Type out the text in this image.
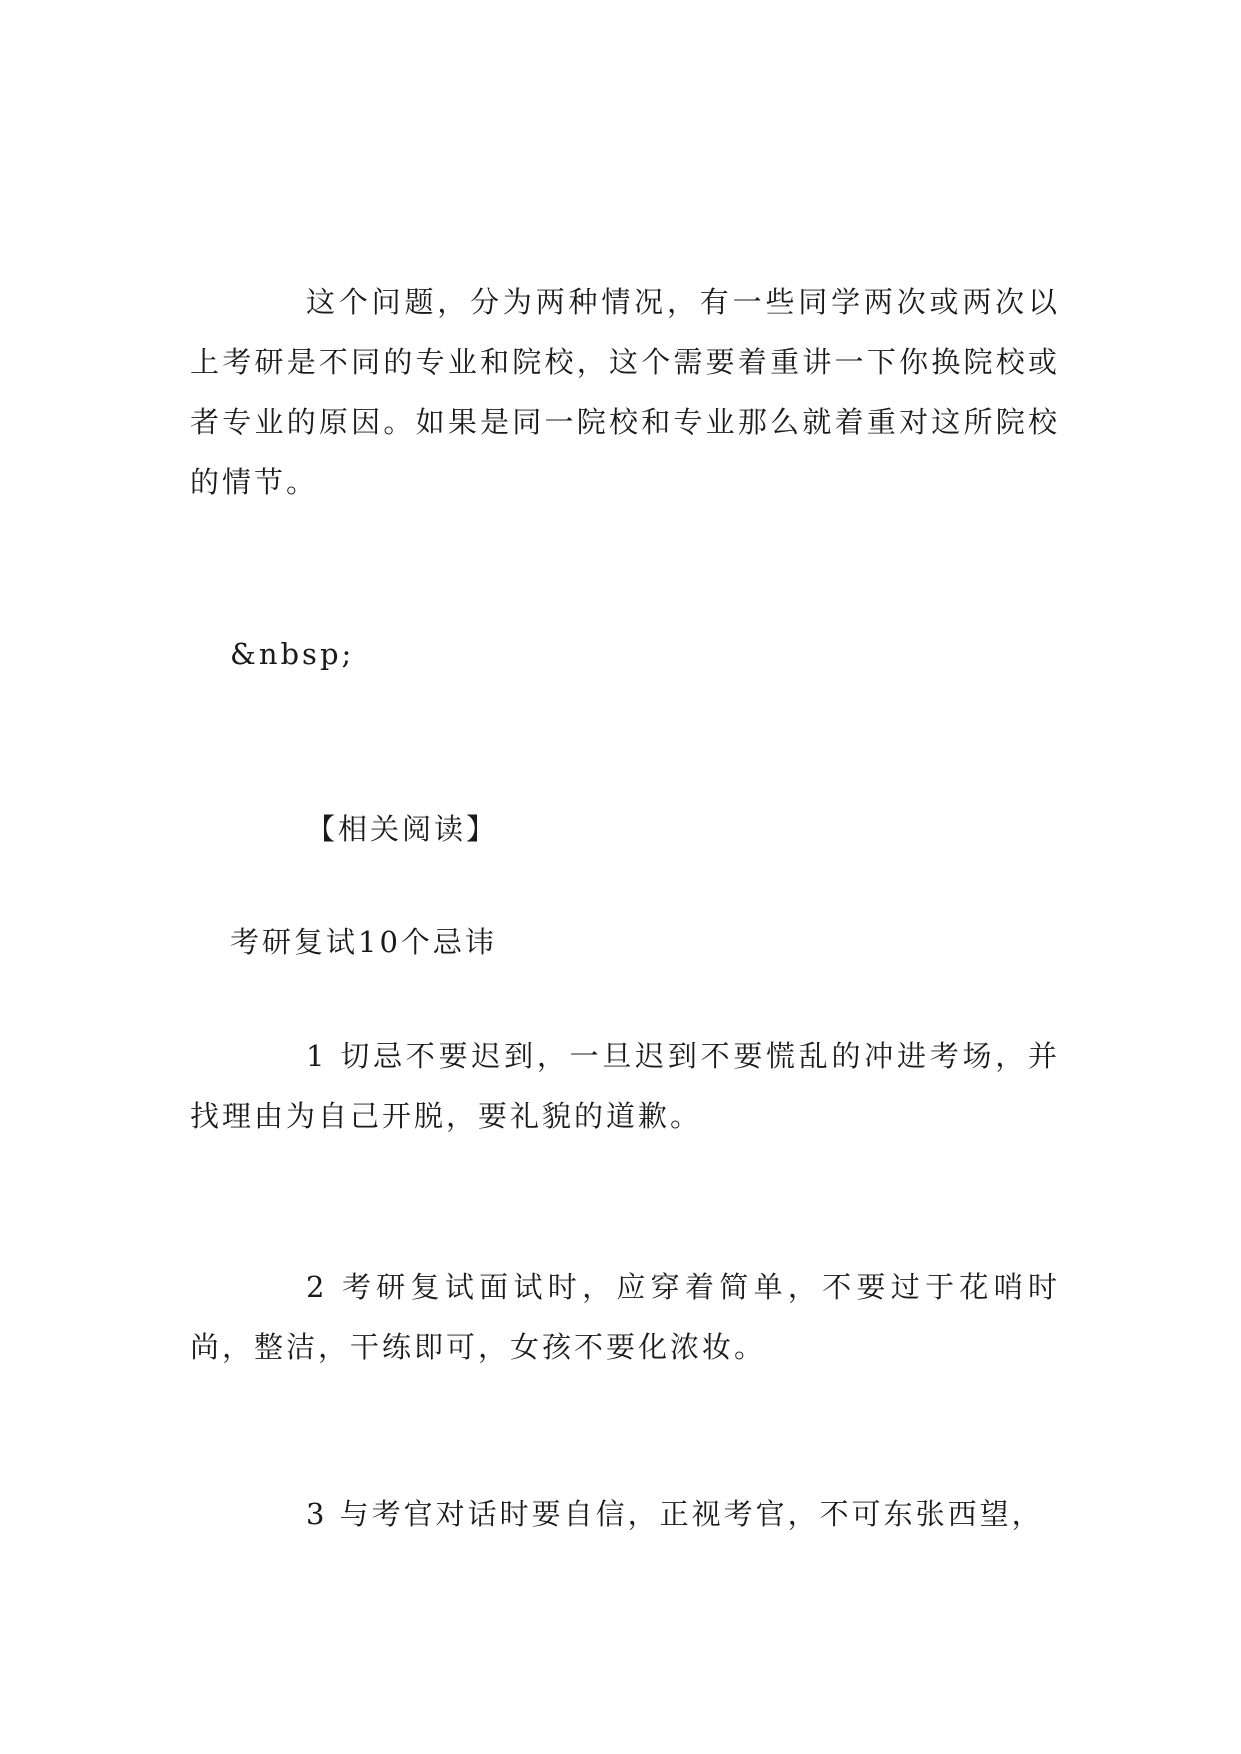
这个问题，分为两种情况，有一些同学两次或两次以上考研是不同的专业和院校，这个需要着重讲一下你换院校或者专业的原因。如果是同一院校和专业那么就着重对这所院校的情节。

&nbsp;

【相关阅读】

考研复试10个忌讳

1 切忌不要迟到，一旦迟到不要慌乱的冲进考场，并找理由为自己开脱，要礼貌的道歉。

2 考研复试面试时，应穿着简单，不要过于花哨时尚，整洁，干练即可，女孩不要化浓妆。

3 与考官对话时要自信，正视考官，不可东张西望，
